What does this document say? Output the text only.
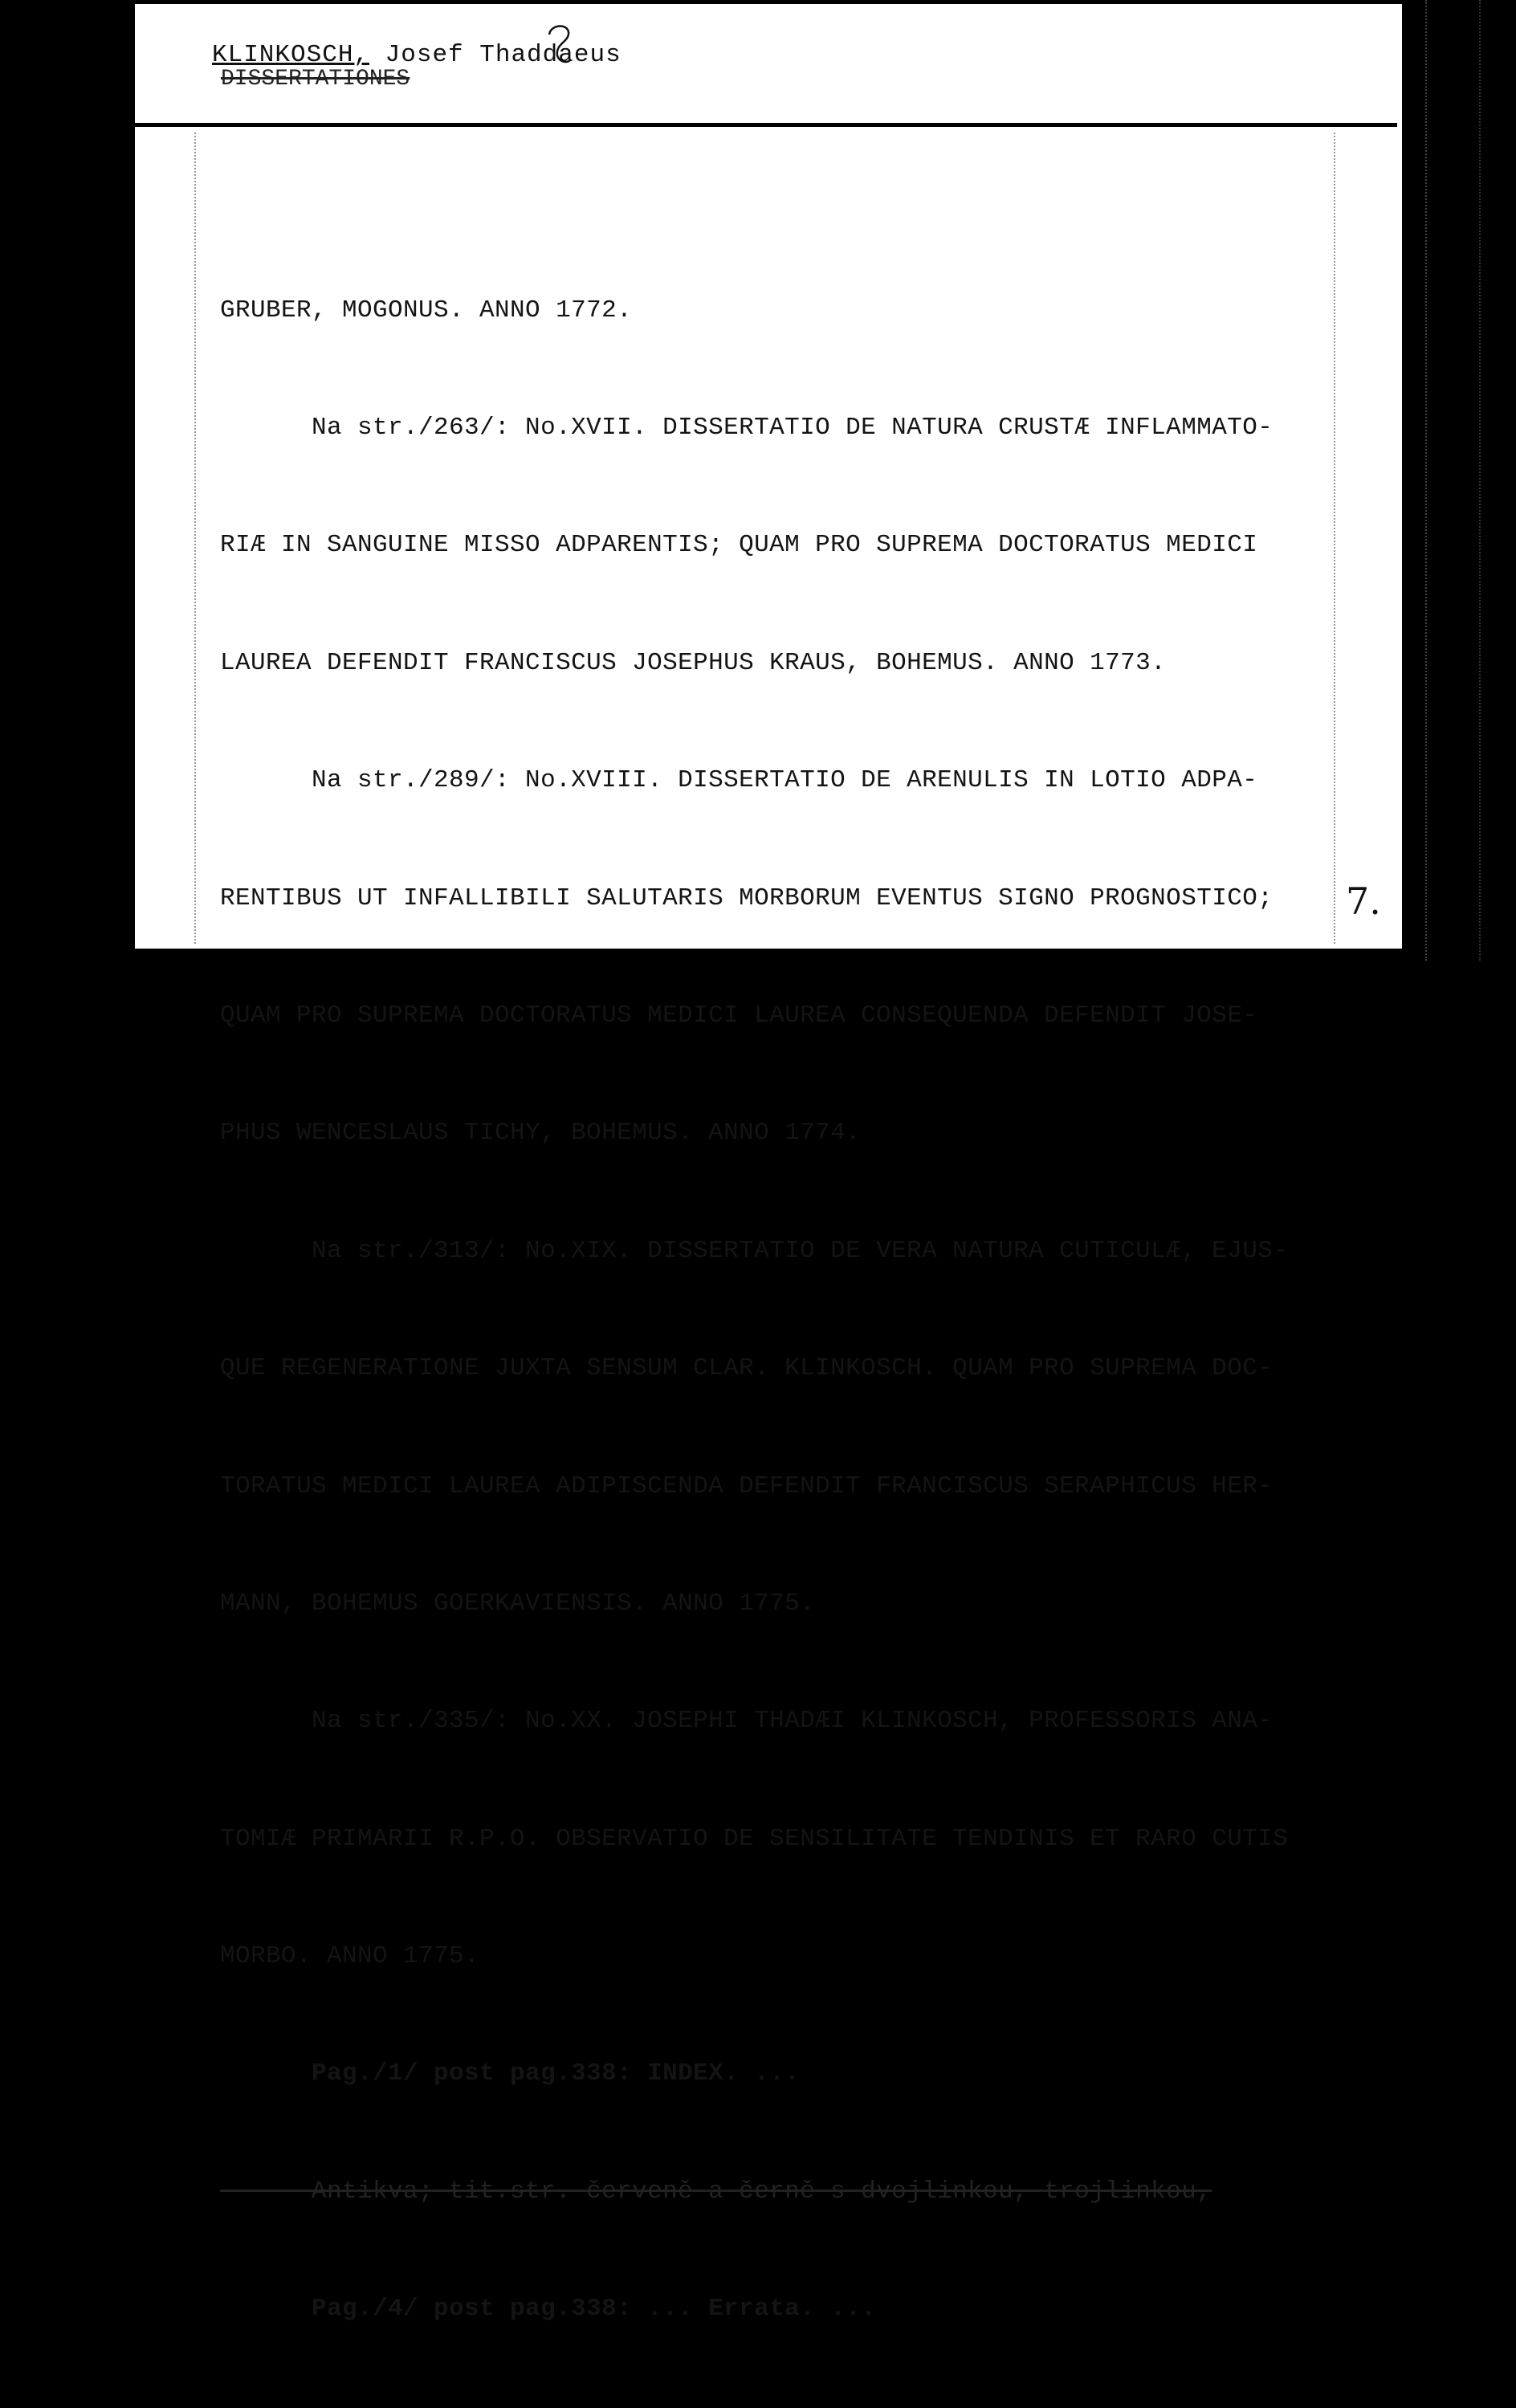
KLINKOSCH, Josef Thaddaeus
DISSERTATIONES

GRUBER, MOGONUS. ANNO 1772.

Na str./263/: No.XVII. DISSERTATIO DE NATURA CRUSTÆ INFLAMMATO-

RIÆ IN SANGUINE MISSO ADPARENTIS; QUAM PRO SUPREMA DOCTORATUS MEDICI

LAUREA DEFENDIT FRANCISCUS JOSEPHUS KRAUS, BOHEMUS. ANNO 1773.

Na str./289/: No.XVIII. DISSERTATIO DE ARENULIS IN LOTIO ADPA-

RENTIBUS UT INFALLIBILI SALUTARIS MORBORUM EVENTUS SIGNO PROGNOSTICO;

QUAM PRO SUPREMA DOCTORATUS MEDICI LAUREA CONSEQUENDA DEFENDIT JOSE-

PHUS WENCESLAUS TICHY, BOHEMUS. ANNO 1774.

Na str./313/: No.XIX. DISSERTATIO DE VERA NATURA CUTICULÆ, EJUS-

QUE REGENERATIONE JUXTA SENSUM CLAR. KLINKOSCH. QUAM PRO SUPREMA DOC-

TORATUS MEDICI LAUREA ADIPISCENDA DEFENDIT FRANCISCUS SERAPHICUS HER-

MANN, BOHEMUS GOERKAVIENSIS. ANNO 1775.

Na str./335/: No.XX. JOSEPHI THADÆI KLINKOSCH, PROFESSORIS ANA-

TOMIÆ PRIMARII R.P.O. OBSERVATIO DE SENSILITATE TENDINIS ET RARO CUTIS

MORBO. ANNO 1775.

Pag./1/ post pag.338: INDEX. ...

Antikva; tit.str. červeně a černě s dvojlinkou, trojlinkou,

Pag./4/ post pag.338: ... Errata. ...

7.
